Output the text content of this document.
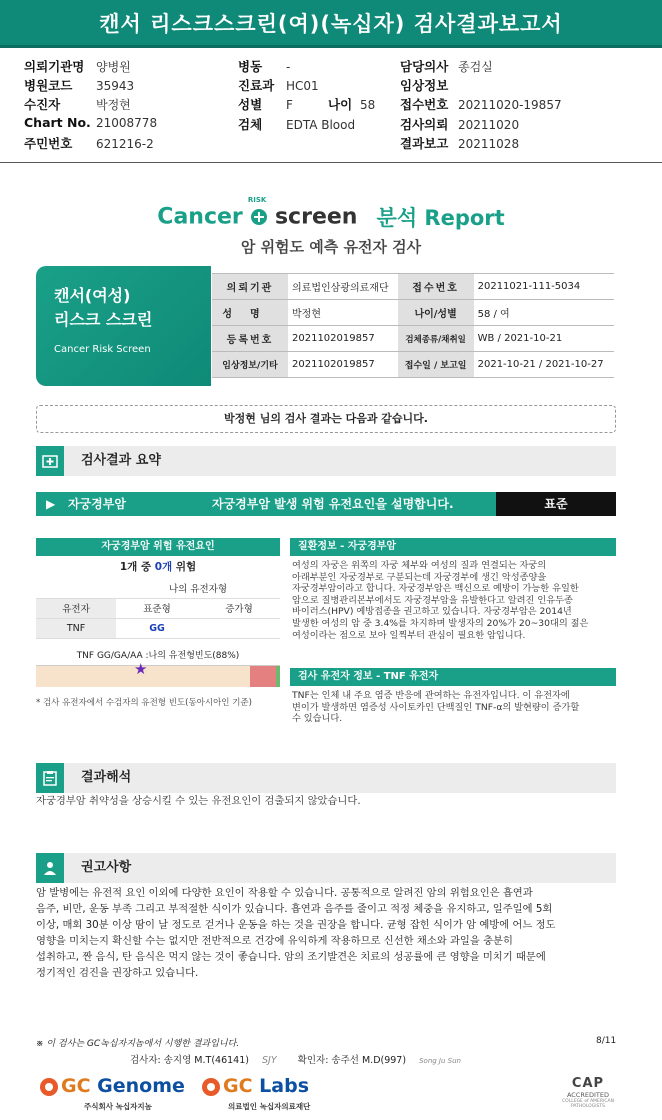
캔서 리스크스크린(여)(녹십자) 검사결과보고서
의뢰기관명 양병원
병원코드 35943
수진자	박정현
Chart No. 21008778
주민번호 621216-2
병동 -
진료과 HC01
성별 F	나이 58
검체 EDTA Blood
담당의사 종검실
임상정보
접수번호 20211020-19857
검사의뢰 20211020
결과보고 20211028
Cancer
RISK
screen 분석 Report
암 위험도 예측 유전자 검사
캔서(여성)
리스크 스크린
Cancer Risk Screen
의뢰기관	의료법인삼광의료재단	접수번호	20211021-111-5034
성명	박정현	나이/성별	58 / 여
등록번호	2021102019857	검체종류/채취일	WB / 2021-10-21
임상정보/기타	2021102019857	접수일 / 보고일	2021-10-21 / 2021-10-27
박정현 님의 검사 결과는 다음과 같습니다.
검사결과 요약
▶ 자궁경부암	자궁경부암 발생 위험 유전요인을 설명합니다.	표준
자궁경부암 위험 유전요인
1개 중 0개 위험
	나의 유전자형	
유전자	표준형	증가형
TNF	GG	
TNF GG/GA/AA :나의 유전형빈도(88%)
★
* 검사 유전자에서 수검자의 유전형 빈도(동아시아인 기준)
질환정보 - 자궁경부암
여성의 자궁은 위쪽의 자궁 체부와 여성의 질과 연결되는 자궁의
아래부분인 자궁경부로 구분되는데 자궁경부에 생긴 악성종양을
자궁경부암이라고 합니다. 자궁경부암은 백신으로 예방이 가능한 유일한
암으로 질병관리본부에서도 자궁경부암을 유발한다고 알려진 인유두종
바이러스(HPV) 예방접종을 권고하고 있습니다. 자궁경부암은 2014년
발생한 여성의 암 중 3.4%를 차지하며 발생자의 20%가 20~30대의 젊은
여성이라는 점으로 보아 일찍부터 관심이 필요한 암입니다.
검사 유전자 정보 - TNF 유전자
TNF는 인체 내 주요 염증 반응에 관여하는 유전자입니다. 이 유전자에
변이가 발생하면 염증성 사이토카인 단백질인 TNF-α의 발현량이 증가할
수 있습니다.
결과해석
자궁경부암 취약성을 상승시킬 수 있는 유전요인이 검출되지 않았습니다.
권고사항
암 발병에는 유전적 요인 이외에 다양한 요인이 작용할 수 있습니다. 공통적으로 알려진 암의 위험요인은 흡연과
음주, 비만, 운동 부족 그리고 부적절한 식이가 있습니다. 흡연과 음주를 줄이고 적정 체중을 유지하고, 일주일에 5회
이상, 매회 30분 이상 땀이 날 정도로 걷거나 운동을 하는 것을 권장을 합니다. 균형 잡힌 식이가 암 예방에 어느 정도
영향을 미치는지 확신할 수는 없지만 전반적으로 건강에 유익하게 작용하므로 신선한 채소와 과일을 충분히
섭취하고, 짠 음식, 탄 음식은 먹지 않는 것이 좋습니다. 암의 조기발견은 치료의 성공률에 큰 영향을 미치기 때문에
정기적인 검진을 권장하고 있습니다.
※ 이 검사는 GC녹십자지놈에서 시행한 결과입니다.	8/11
검사자: 송지영 M.T(46141) SJY 확인자: 송주선 M.D(997) Song Ju Sun
GC Genome
주식회사 녹십자지놈
GC Labs
의료법인 녹십자의료재단
CAP
ACCREDITED
COLLEGE of AMERICAN PATHOLOGISTS
